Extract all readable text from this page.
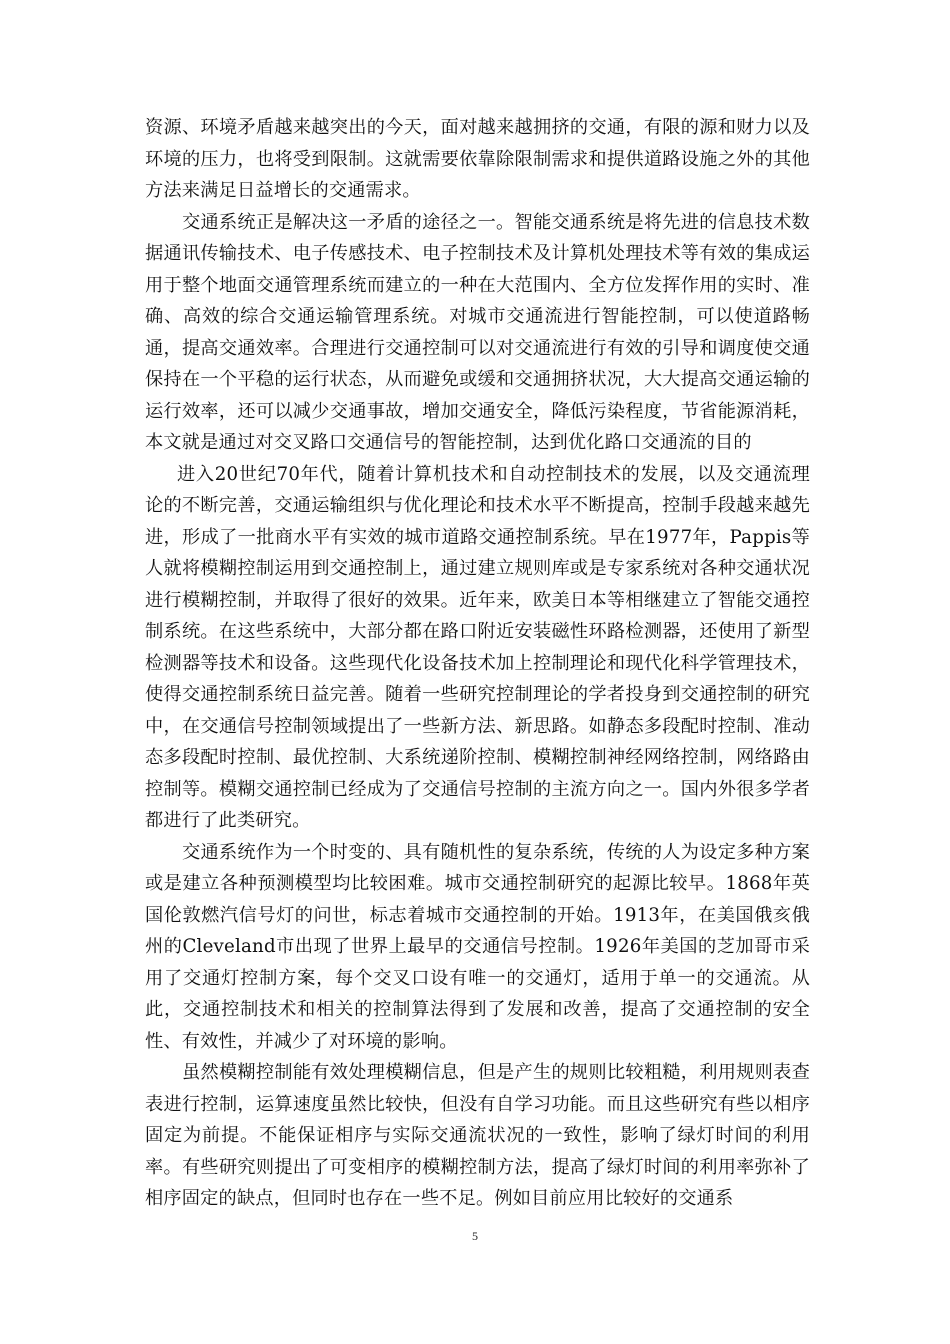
资源、环境矛盾越来越突出的今天，面对越来越拥挤的交通，有限的源和财力以及环境的压力，也将受到限制。这就需要依靠除限制需求和提供道路设施之外的其他方法来满足日益增长的交通需求。

交通系统正是解决这一矛盾的途径之一。智能交通系统是将先进的信息技术数据通讯传输技术、电子传感技术、电子控制技术及计算机处理技术等有效的集成运用于整个地面交通管理系统而建立的一种在大范围内、全方位发挥作用的实时、准确、高效的综合交通运输管理系统。对城市交通流进行智能控制，可以使道路畅通，提高交通效率。合理进行交通控制可以对交通流进行有效的引导和调度使交通保持在一个平稳的运行状态，从而避免或缓和交通拥挤状况，大大提高交通运输的运行效率，还可以减少交通事故，增加交通安全，降低污染程度，节省能源消耗，本文就是通过对交叉路口交通信号的智能控制，达到优化路口交通流的目的

进入20世纪70年代，随着计算机技术和自动控制技术的发展，以及交通流理论的不断完善，交通运输组织与优化理论和技术水平不断提高，控制手段越来越先进，形成了一批商水平有实效的城市道路交通控制系统。早在1977年，Pappis等人就将模糊控制运用到交通控制上，通过建立规则库或是专家系统对各种交通状况进行模糊控制，并取得了很好的效果。近年来，欧美日本等相继建立了智能交通控制系统。在这些系统中，大部分都在路口附近安装磁性环路检测器，还使用了新型检测器等技术和设备。这些现代化设备技术加上控制理论和现代化科学管理技术，使得交通控制系统日益完善。随着一些研究控制理论的学者投身到交通控制的研究中，在交通信号控制领域提出了一些新方法、新思路。如静态多段配时控制、准动态多段配时控制、最优控制、大系统递阶控制、模糊控制神经网络控制，网络路由控制等。模糊交通控制已经成为了交通信号控制的主流方向之一。国内外很多学者都进行了此类研究。

交通系统作为一个时变的、具有随机性的复杂系统，传统的人为设定多种方案或是建立各种预测模型均比较困难。城市交通控制研究的起源比较早。1868年英国伦敦燃汽信号灯的问世，标志着城市交通控制的开始。1913年，在美国俄亥俄州的Cleveland市出现了世界上最早的交通信号控制。1926年美国的芝加哥市采用了交通灯控制方案，每个交叉口设有唯一的交通灯，适用于单一的交通流。从此，交通控制技术和相关的控制算法得到了发展和改善，提高了交通控制的安全性、有效性，并减少了对环境的影响。

虽然模糊控制能有效处理模糊信息，但是产生的规则比较粗糙，利用规则表查表进行控制，运算速度虽然比较快，但没有自学习功能。而且这些研究有些以相序固定为前提。不能保证相序与实际交通流状况的一致性，影响了绿灯时间的利用率。有些研究则提出了可变相序的模糊控制方法，提高了绿灯时间的利用率弥补了相序固定的缺点，但同时也存在一些不足。例如目前应用比较好的交通系

5
